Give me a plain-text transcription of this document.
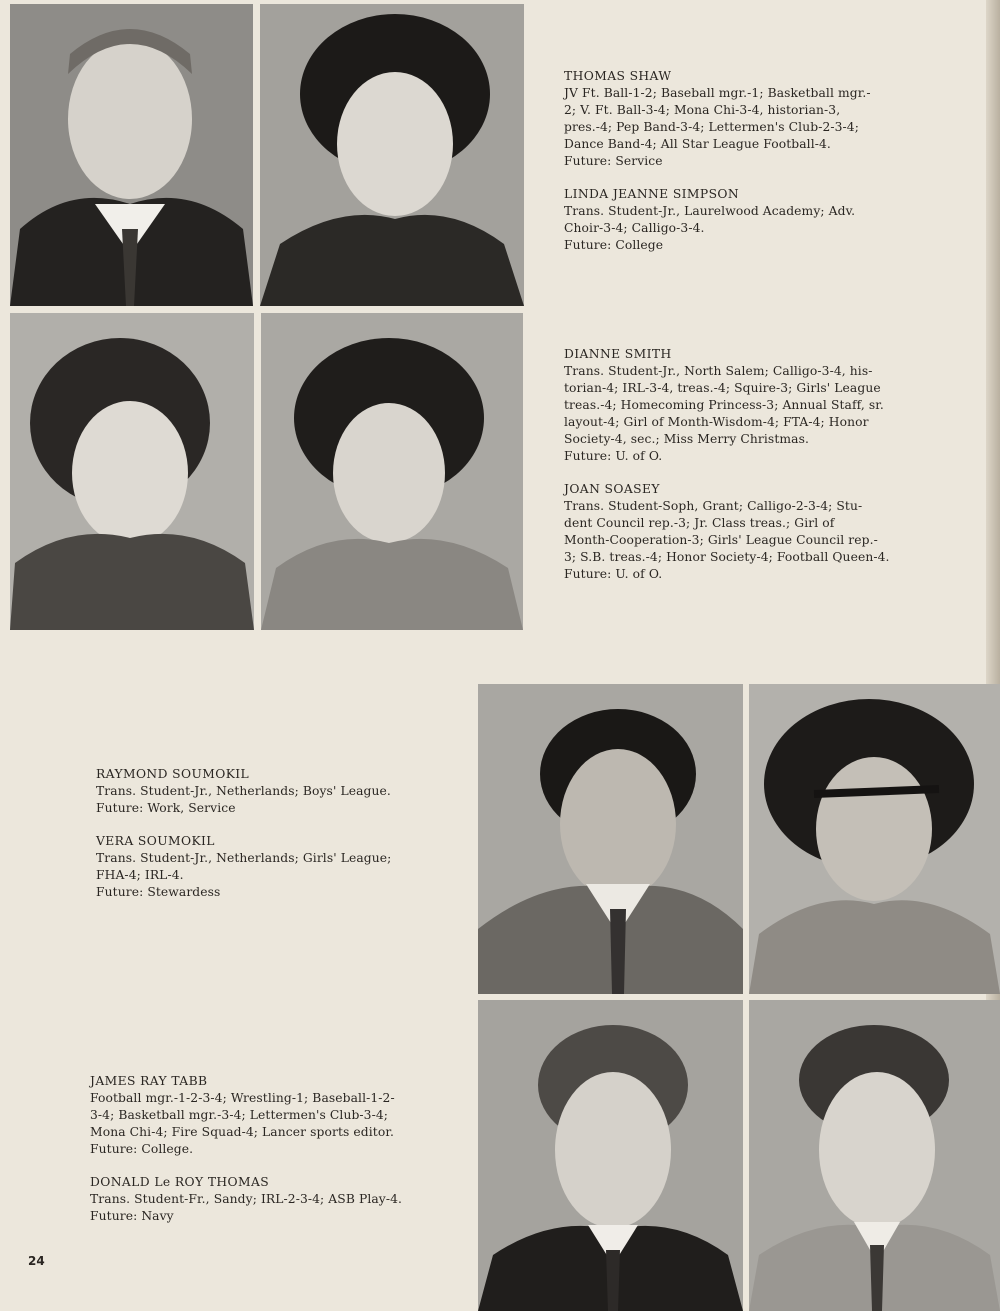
THOMAS SHAW
JV Ft. Ball-1-2; Baseball mgr.-1; Basketball mgr.-
2; V. Ft. Ball-3-4; Mona Chi-3-4, historian-3,
pres.-4; Pep Band-3-4; Lettermen's Club-2-3-4;
Dance Band-4; All Star League Football-4.
Future: Service
LINDA JEANNE SIMPSON
Trans. Student-Jr., Laurelwood Academy; Adv.
Choir-3-4; Calligo-3-4.
Future: College
DIANNE SMITH
Trans. Student-Jr., North Salem; Calligo-3-4, his-
torian-4; IRL-3-4, treas.-4; Squire-3; Girls' League
treas.-4; Homecoming Princess-3; Annual Staff, sr.
layout-4; Girl of Month-Wisdom-4; FTA-4; Honor
Society-4, sec.; Miss Merry Christmas.
Future: U. of O.
JOAN SOASEY
Trans. Student-Soph, Grant; Calligo-2-3-4; Stu-
dent Council rep.-3; Jr. Class treas.; Girl of
Month-Cooperation-3; Girls' League Council rep.-
3; S.B. treas.-4; Honor Society-4; Football Queen-4.
Future: U. of O.
RAYMOND SOUMOKIL
Trans. Student-Jr., Netherlands; Boys' League.
Future: Work, Service
VERA SOUMOKIL
Trans. Student-Jr., Netherlands; Girls' League;
FHA-4; IRL-4.
Future: Stewardess
JAMES RAY TABB
Football mgr.-1-2-3-4; Wrestling-1; Baseball-1-2-
3-4; Basketball mgr.-3-4; Lettermen's Club-3-4;
Mona Chi-4; Fire Squad-4; Lancer sports editor.
Future: College.
DONALD Le ROY THOMAS
Trans. Student-Fr., Sandy; IRL-2-3-4; ASB Play-4.
Future: Navy
24
